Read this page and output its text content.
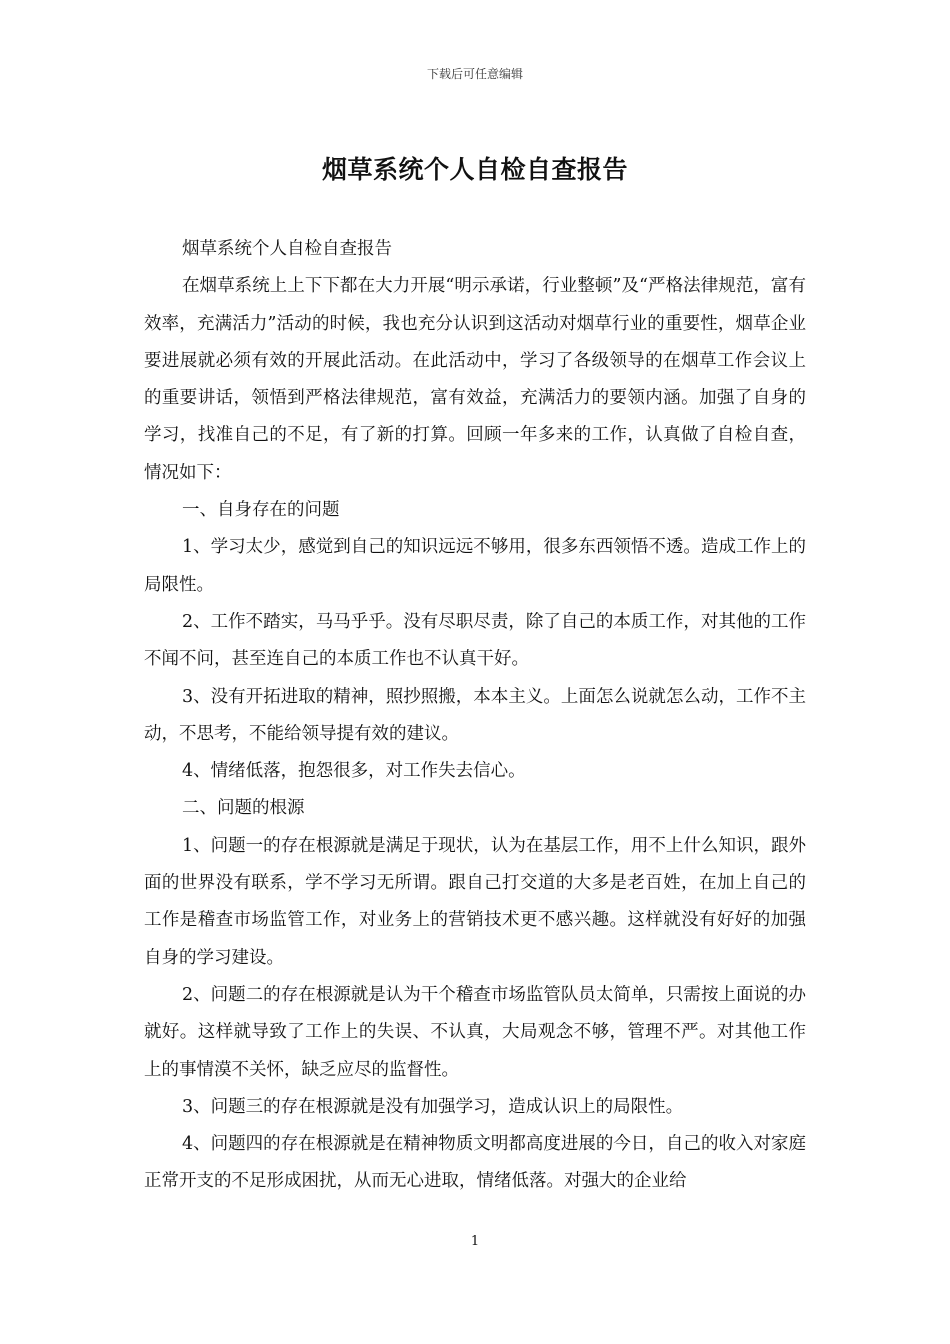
下载后可任意编辑
烟草系统个人自检自查报告

烟草系统个人自检自查报告

在烟草系统上上下下都在大力开展“明示承诺，行业整顿”及“严格法律规范，富有效率，充满活力”活动的时候，我也充分认识到这活动对烟草行业的重要性，烟草企业要进展就必须有效的开展此活动。在此活动中，学习了各级领导的在烟草工作会议上的重要讲话，领悟到严格法律规范，富有效益，充满活力的要领内涵。加强了自身的学习，找准自己的不足，有了新的打算。回顾一年多来的工作，认真做了自检自查，情况如下：

一、自身存在的问题

1、学习太少，感觉到自己的知识远远不够用，很多东西领悟不透。造成工作上的局限性。

2、工作不踏实，马马乎乎。没有尽职尽责，除了自己的本质工作，对其他的工作不闻不问，甚至连自己的本质工作也不认真干好。

3、没有开拓进取的精神，照抄照搬，本本主义。上面怎么说就怎么动，工作不主动，不思考，不能给领导提有效的建议。

4、情绪低落，抱怨很多，对工作失去信心。

二、问题的根源

1、问题一的存在根源就是满足于现状，认为在基层工作，用不上什么知识，跟外面的世界没有联系，学不学习无所谓。跟自己打交道的大多是老百姓，在加上自己的工作是稽查市场监管工作，对业务上的营销技术更不感兴趣。这样就没有好好的加强自身的学习建设。

2、问题二的存在根源就是认为干个稽查市场监管队员太简单，只需按上面说的办就好。这样就导致了工作上的失误、不认真，大局观念不够，管理不严。对其他工作上的事情漠不关怀，缺乏应尽的监督性。

3、问题三的存在根源就是没有加强学习，造成认识上的局限性。

4、问题四的存在根源就是在精神物质文明都高度进展的今日，自己的收入对家庭正常开支的不足形成困扰，从而无心进取，情绪低落。对强大的企业给

1
